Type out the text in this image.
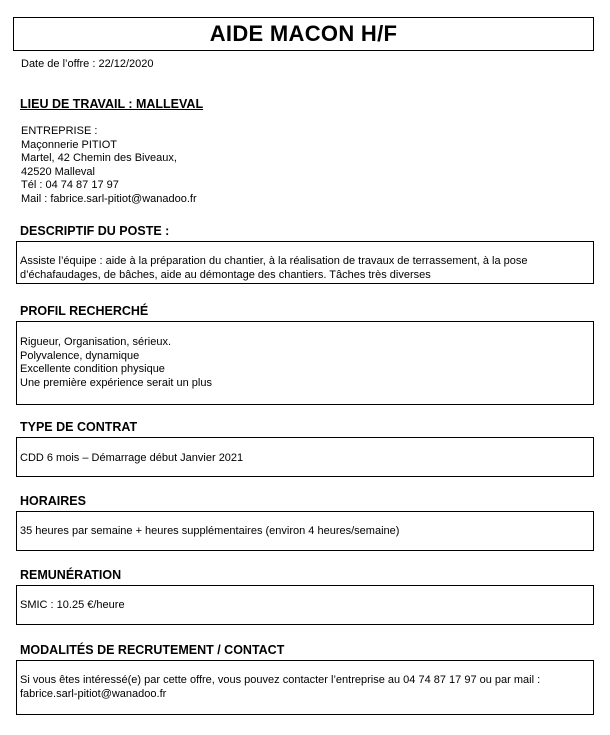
AIDE MACON H/F
Date de l’offre : 22/12/2020
LIEU DE TRAVAIL : MALLEVAL
ENTREPRISE :
Maçonnerie PITIOT
Martel, 42 Chemin des Biveaux,
42520 Malleval
Tél : 04 74 87 17 97
Mail : fabrice.sarl-pitiot@wanadoo.fr
DESCRIPTIF DU POSTE :
Assiste l’équipe : aide à la préparation du chantier, à la réalisation de travaux de terrassement, à la pose
d’échafaudages, de bâches, aide au démontage des chantiers. Tâches très diverses
PROFIL RECHERCHÉ
Rigueur, Organisation, sérieux.
Polyvalence, dynamique
Excellente condition physique
Une première expérience serait un plus
TYPE DE CONTRAT
CDD 6 mois – Démarrage début Janvier 2021
HORAIRES
35 heures par semaine + heures supplémentaires (environ 4 heures/semaine)
REMUNÉRATION
SMIC : 10.25 €/heure
MODALITÉS DE RECRUTEMENT / CONTACT
Si vous êtes intéressé(e) par cette offre, vous pouvez contacter l’entreprise au 04 74 87 17 97 ou par mail :
fabrice.sarl-pitiot@wanadoo.fr
